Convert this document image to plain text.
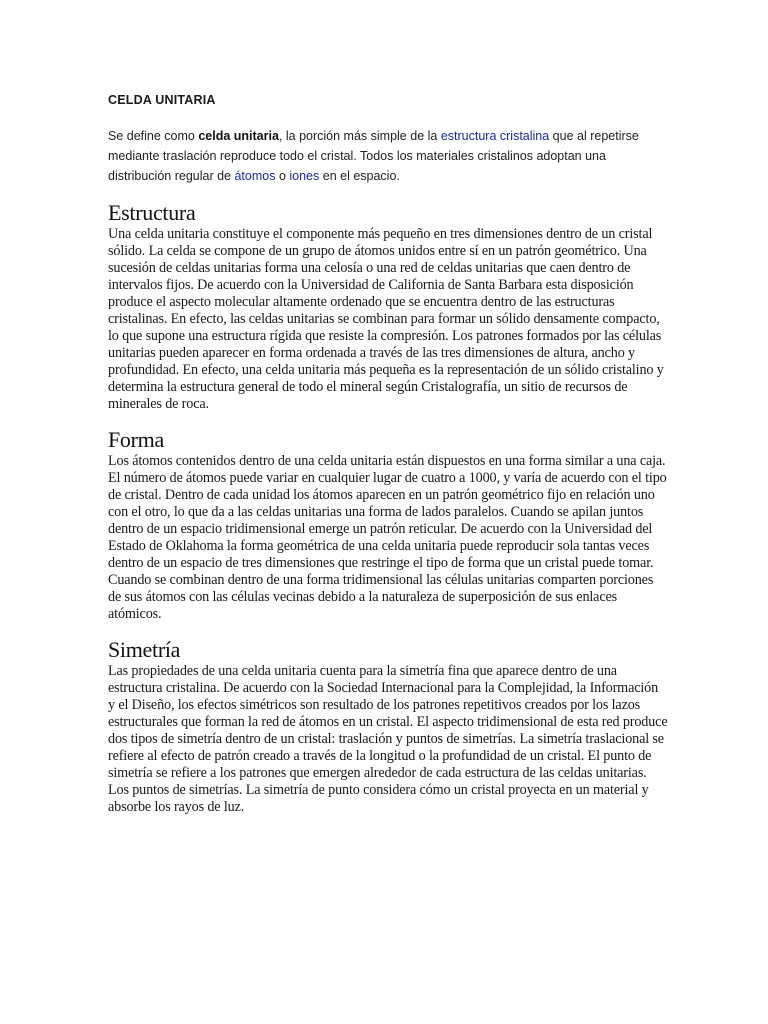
CELDA UNITARIA

Se define como celda unitaria, la porción más simple de la estructura cristalina que al repetirse mediante traslación reproduce todo el cristal. Todos los materiales cristalinos adoptan una distribución regular de átomos o iones en el espacio.

Estructura

Una celda unitaria constituye el componente más pequeño en tres dimensiones dentro de un cristal sólido. La celda se compone de un grupo de átomos unidos entre sí en un patrón geométrico. Una sucesión de celdas unitarias forma una celosía o una red de celdas unitarias que caen dentro de intervalos fijos. De acuerdo con la Universidad de California de Santa Barbara esta disposición produce el aspecto molecular altamente ordenado que se encuentra dentro de las estructuras cristalinas. En efecto, las celdas unitarias se combinan para formar un sólido densamente compacto, lo que supone una estructura rígida que resiste la compresión. Los patrones formados por las células unitarias pueden aparecer en forma ordenada a través de las tres dimensiones de altura, ancho y profundidad. En efecto, una celda unitaria más pequeña es la representación de un sólido cristalino y determina la estructura general de todo el mineral según Cristalografía, un sitio de recursos de minerales de roca.

Forma

Los átomos contenidos dentro de una celda unitaria están dispuestos en una forma similar a una caja. El número de átomos puede variar en cualquier lugar de cuatro a 1000, y varía de acuerdo con el tipo de cristal. Dentro de cada unidad los átomos aparecen en un patrón geométrico fijo en relación uno con el otro, lo que da a las celdas unitarias una forma de lados paralelos. Cuando se apilan juntos dentro de un espacio tridimensional emerge un patrón reticular. De acuerdo con la Universidad del Estado de Oklahoma la forma geométrica de una celda unitaria puede reproducir sola tantas veces dentro de un espacio de tres dimensiones que restringe el tipo de forma que un cristal puede tomar. Cuando se combinan dentro de una forma tridimensional las células unitarias comparten porciones de sus átomos con las células vecinas debido a la naturaleza de superposición de sus enlaces atómicos.

Simetría

Las propiedades de una celda unitaria cuenta para la simetría fina que aparece dentro de una estructura cristalina. De acuerdo con la Sociedad Internacional para la Complejidad, la Información y el Diseño, los efectos simétricos son resultado de los patrones repetitivos creados por los lazos estructurales que forman la red de átomos en un cristal. El aspecto tridimensional de esta red produce dos tipos de simetría dentro de un cristal: traslación y puntos de simetrías. La simetría traslacional se refiere al efecto de patrón creado a través de la longitud o la profundidad de un cristal. El punto de simetría se refiere a los patrones que emergen alrededor de cada estructura de las celdas unitarias. Los puntos de simetrías. La simetría de punto considera cómo un cristal proyecta en un material y absorbe los rayos de luz.
